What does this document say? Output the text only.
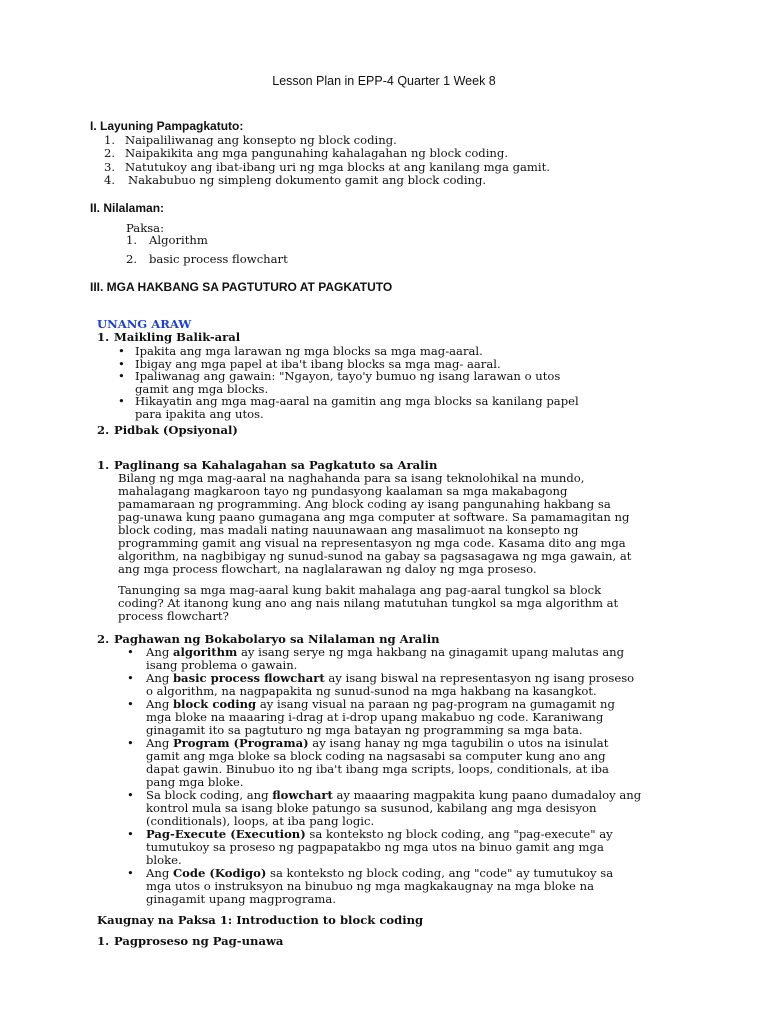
Lesson Plan in EPP-4 Quarter 1 Week 8
I. Layuning Pampagkatuto:
1. Naipaliliwanag ang konsepto ng block coding.
2. Naipakikita ang mga pangunahing kahalagahan ng block coding.
3. Natutukoy ang ibat-ibang uri ng mga blocks at ang kanilang mga gamit.
4. Nakabubuo ng simpleng dokumento gamit ang block coding.
II. Nilalaman:
Paksa:
1. Algorithm
2. basic process flowchart
III. MGA HAKBANG SA PAGTUTURO AT PAGKATUTO
UNANG ARAW
1. Maikling Balik-aral
• Ipakita ang mga larawan ng mga blocks sa mga mag-aaral.
• Ibigay ang mga papel at iba't ibang blocks sa mga mag- aaral.
• Ipaliwanag ang gawain: "Ngayon, tayo'y bumuo ng isang larawan o utos
gamit ang mga blocks.
• Hikayatin ang mga mag-aaral na gamitin ang mga blocks sa kanilang papel
para ipakita ang utos.
2. Pidbak (Opsiyonal)
1. Paglinang sa Kahalagahan sa Pagkatuto sa Aralin
Bilang ng mga mag-aaral na naghahanda para sa isang teknolohikal na mundo,
mahalagang magkaroon tayo ng pundasyong kaalaman sa mga makabagong
pamamaraan ng programming. Ang block coding ay isang pangunahing hakbang sa
pag-unawa kung paano gumagana ang mga computer at software. Sa pamamagitan ng
block coding, mas madali nating nauunawaan ang masalimuot na konsepto ng
programming gamit ang visual na representasyon ng mga code. Kasama dito ang mga
algorithm, na nagbibigay ng sunud-sunod na gabay sa pagsasagawa ng mga gawain, at
ang mga process flowchart, na naglalarawan ng daloy ng mga proseso.
Tanunging sa mga mag-aaral kung bakit mahalaga ang pag-aaral tungkol sa block
coding? At itanong kung ano ang nais nilang matutuhan tungkol sa mga algorithm at
process flowchart?
2. Paghawan ng Bokabolaryo sa Nilalaman ng Aralin
• Ang algorithm ay isang serye ng mga hakbang na ginagamit upang malutas ang
isang problema o gawain.
• Ang basic process flowchart ay isang biswal na representasyon ng isang proseso
o algorithm, na nagpapakita ng sunud-sunod na mga hakbang na kasangkot.
• Ang block coding ay isang visual na paraan ng pag-program na gumagamit ng
mga bloke na maaaring i-drag at i-drop upang makabuo ng code. Karaniwang
ginagamit ito sa pagtuturo ng mga batayan ng programming sa mga bata.
• Ang Program (Programa) ay isang hanay ng mga tagubilin o utos na isinulat
gamit ang mga bloke sa block coding na nagsasabi sa computer kung ano ang
dapat gawin. Binubuo ito ng iba't ibang mga scripts, loops, conditionals, at iba
pang mga bloke.
• Sa block coding, ang flowchart ay maaaring magpakita kung paano dumadaloy ang
kontrol mula sa isang bloke patungo sa susunod, kabilang ang mga desisyon
(conditionals), loops, at iba pang logic.
• Pag-Execute (Execution) sa konteksto ng block coding, ang "pag-execute" ay
tumutukoy sa proseso ng pagpapatakbo ng mga utos na binuo gamit ang mga
bloke.
• Ang Code (Kodigo) sa konteksto ng block coding, ang "code" ay tumutukoy sa
mga utos o instruksyon na binubuo ng mga magkakaugnay na mga bloke na
ginagamit upang magprograma.
Kaugnay na Paksa 1: Introduction to block coding
1. Pagproseso ng Pag-unawa
